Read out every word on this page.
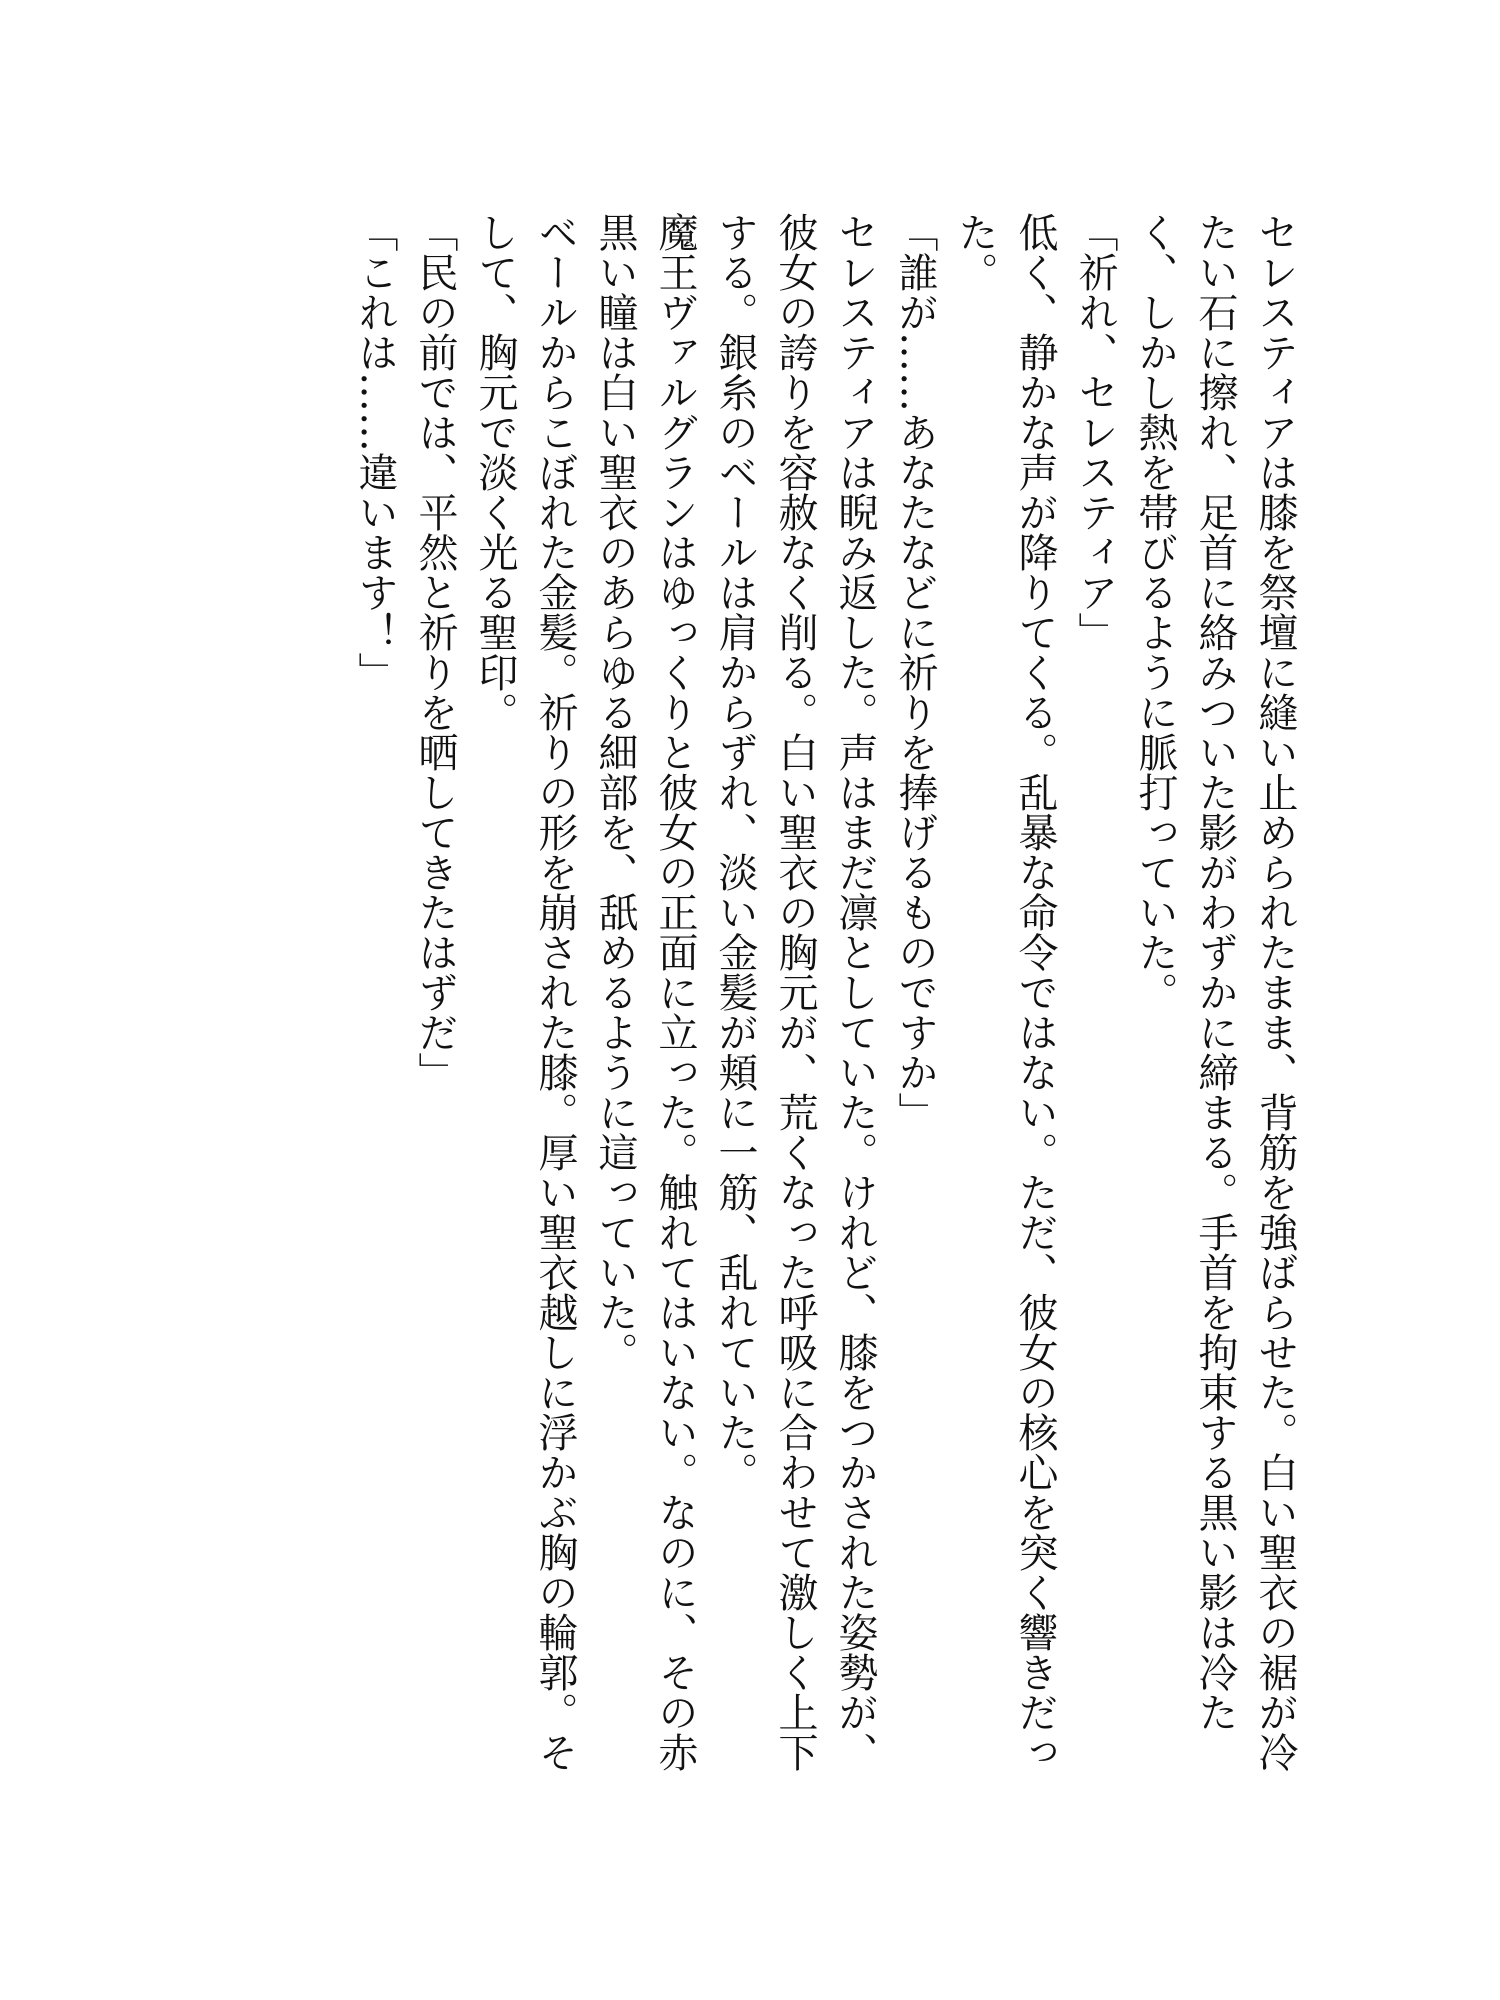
セレスティアは膝を祭壇に縫い止められたまま、背筋を強ばらせた。白い聖衣の裾が冷たい石に擦れ、足首に絡みついた影がわずかに締まる。手首を拘束する黒い影は冷たく、しかし熱を帯びるように脈打っていた。

「祈れ、セレスティア」

低く、静かな声が降りてくる。乱暴な命令ではない。ただ、彼女の核心を突く響きだった。

「誰が……あなたなどに祈りを捧げるものですか」

セレスティアは睨み返した。声はまだ凛としていた。けれど、膝をつかされた姿勢が、彼女の誇りを容赦なく削る。白い聖衣の胸元が、荒くなった呼吸に合わせて激しく上下する。銀糸のベールは肩からずれ、淡い金髪が頬に一筋、乱れていた。

魔王ヴァルグランはゆっくりと彼女の正面に立った。触れてはいない。なのに、その赤黒い瞳は白い聖衣のあらゆる細部を、舐めるように這っていた。

ベールからこぼれた金髪。祈りの形を崩された膝。厚い聖衣越しに浮かぶ胸の輪郭。そして、胸元で淡く光る聖印。

「民の前では、平然と祈りを晒してきたはずだ」

「これは……違います！」
